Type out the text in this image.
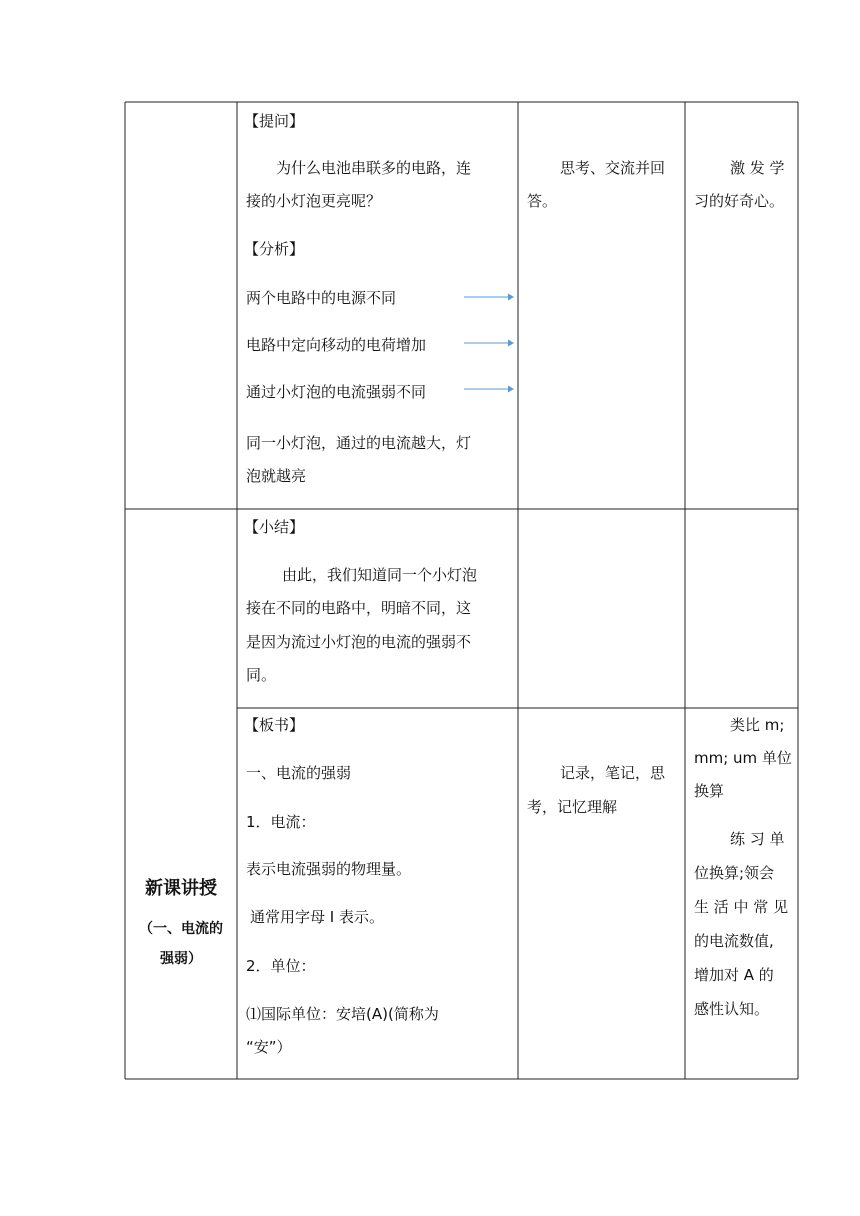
新课讲授
（一、电流的
强弱）
【提问】
为什么电池串联多的电路，连
接的小灯泡更亮呢？
【分析】
两个电路中的电源不同
电路中定向移动的电荷增加
通过小灯泡的电流强弱不同
同一小灯泡，通过的电流越大，灯
泡就越亮
思考、交流并回
答。
激 发 学
习的好奇心。
【小结】
由此，我们知道同一个小灯泡
接在不同的电路中，明暗不同，这
是因为流过小灯泡的电流的强弱不
同。
【板书】
一、电流的强弱
1．电流：
表示电流强弱的物理量。
通常用字母 I 表示。
2．单位：
⑴国际单位：安培(A)(简称为
“安”）
记录，笔记，思
考，记忆理解
类比 m;
mm; um 单位
换算
练 习 单
位换算;领会
生 活 中 常 见
的电流数值,
增加对 A 的
感性认知。
